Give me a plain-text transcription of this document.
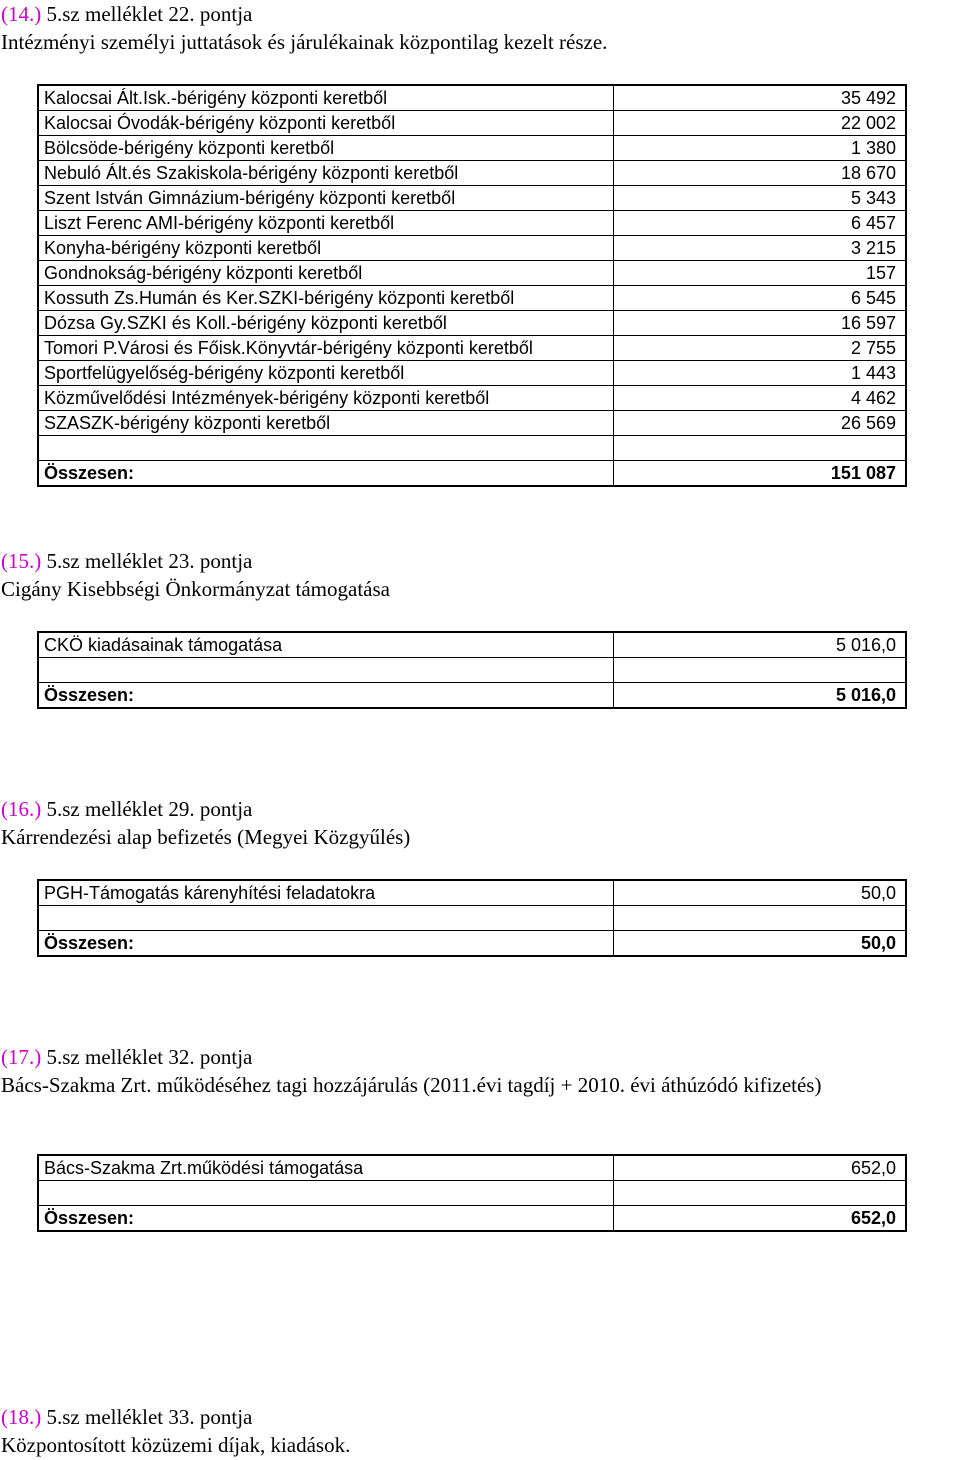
(14.) 5.sz melléklet 22. pontja

Intézményi személyi juttatások és járulékainak központilag kezelt része.

Kalocsai Ált.Isk.-bérigény központi keretből	35 492
Kalocsai Óvodák-bérigény központi keretből	22 002
Bölcsöde-bérigény központi keretből	1 380
Nebuló Ált.és Szakiskola-bérigény központi keretből	18 670
Szent István Gimnázium-bérigény központi keretből	5 343
Liszt Ferenc AMI-bérigény központi keretből	6 457
Konyha-bérigény központi keretből	3 215
Gondnokság-bérigény központi keretből	157
Kossuth Zs.Humán és Ker.SZKI-bérigény központi keretből	6 545
Dózsa Gy.SZKI és Koll.-bérigény központi keretből	16 597
Tomori P.Városi és Főisk.Könyvtár-bérigény központi keretből	2 755
Sportfelügyelőség-bérigény központi keretből	1 443
Közművelődési Intézmények-bérigény központi keretből	4 462
SZASZK-bérigény központi keretből	26 569

Összesen:	151 087

(15.) 5.sz melléklet 23. pontja

Cigány Kisebbségi Önkormányzat támogatása

CKÖ kiadásainak támogatása	5 016,0

Összesen:	5 016,0

(16.) 5.sz melléklet 29. pontja

Kárrendezési alap befizetés (Megyei Közgyűlés)

PGH-Támogatás kárenyhítési feladatokra	50,0

Összesen:	50,0

(17.) 5.sz melléklet 32. pontja

Bács-Szakma Zrt. működéséhez tagi hozzájárulás (2011.évi tagdíj + 2010. évi áthúzódó kifizetés)

Bács-Szakma Zrt.működési támogatása	652,0

Összesen:	652,0

(18.) 5.sz melléklet 33. pontja

Központosított közüzemi díjak, kiadások.
